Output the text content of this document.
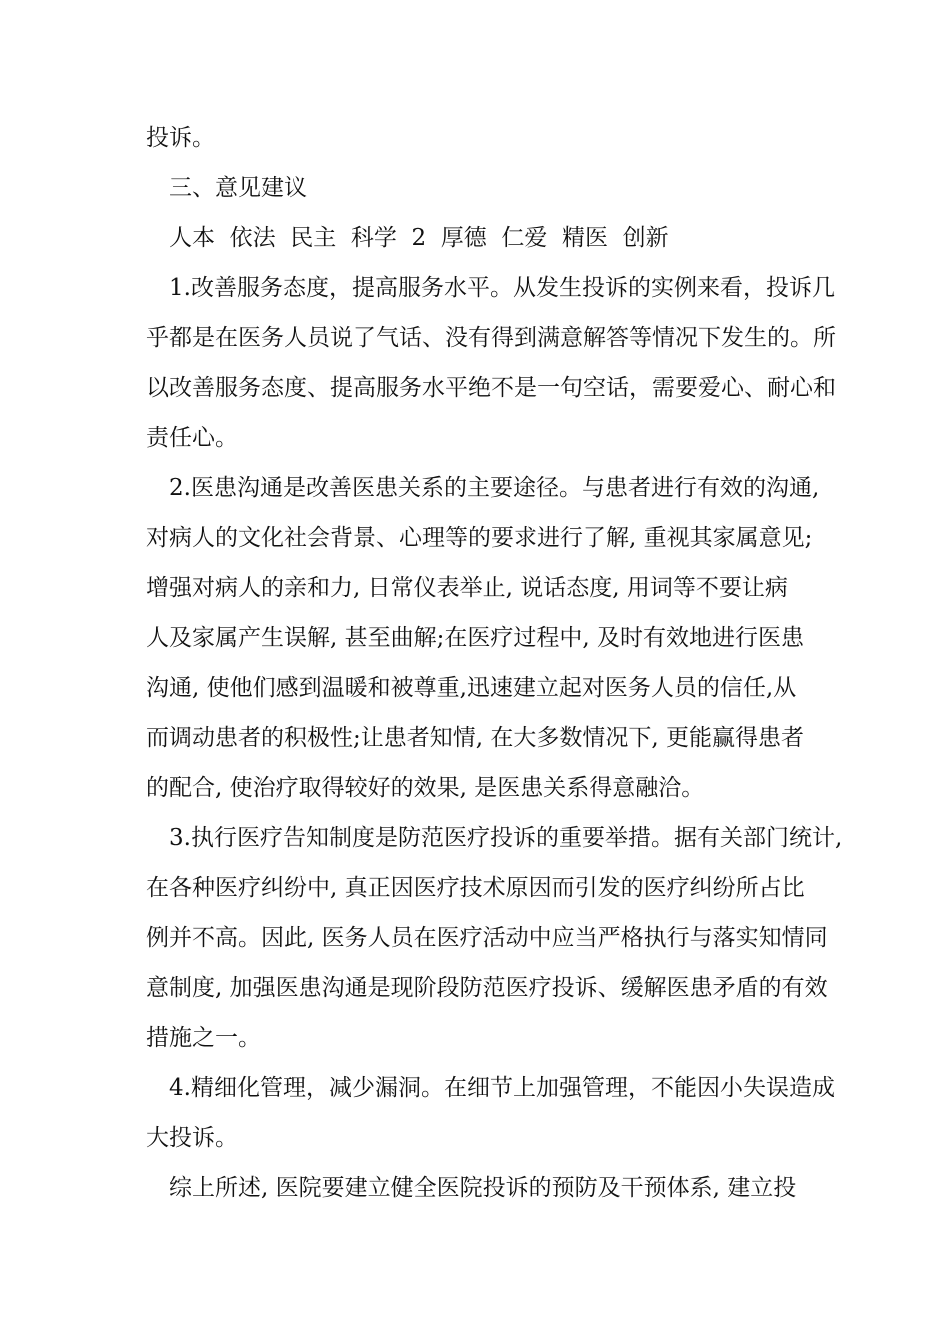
投诉。

三、意见建议

人本  依法  民主  科学  2  厚德  仁爱  精医  创新

1.改善服务态度，提高服务水平。从发生投诉的实例来看，投诉几
乎都是在医务人员说了气话、没有得到满意解答等情况下发生的。所
以改善服务态度、提高服务水平绝不是一句空话，需要爱心、耐心和
责任心。

2.医患沟通是改善医患关系的主要途径。与患者进行有效的沟通,
对病人的文化社会背景、心理等的要求进行了解, 重视其家属意见;
增强对病人的亲和力, 日常仪表举止, 说话态度, 用词等不要让病
人及家属产生误解, 甚至曲解;在医疗过程中, 及时有效地进行医患
沟通, 使他们感到温暖和被尊重,迅速建立起对医务人员的信任,从
而调动患者的积极性;让患者知情, 在大多数情况下, 更能赢得患者
的配合, 使治疗取得较好的效果, 是医患关系得意融洽。

3.执行医疗告知制度是防范医疗投诉的重要举措。据有关部门统计,
在各种医疗纠纷中, 真正因医疗技术原因而引发的医疗纠纷所占比
例并不高。因此, 医务人员在医疗活动中应当严格执行与落实知情同
意制度, 加强医患沟通是现阶段防范医疗投诉、缓解医患矛盾的有效
措施之一。

4.精细化管理，减少漏洞。在细节上加强管理，不能因小失误造成
大投诉。

综上所述, 医院要建立健全医院投诉的预防及干预体系, 建立投
